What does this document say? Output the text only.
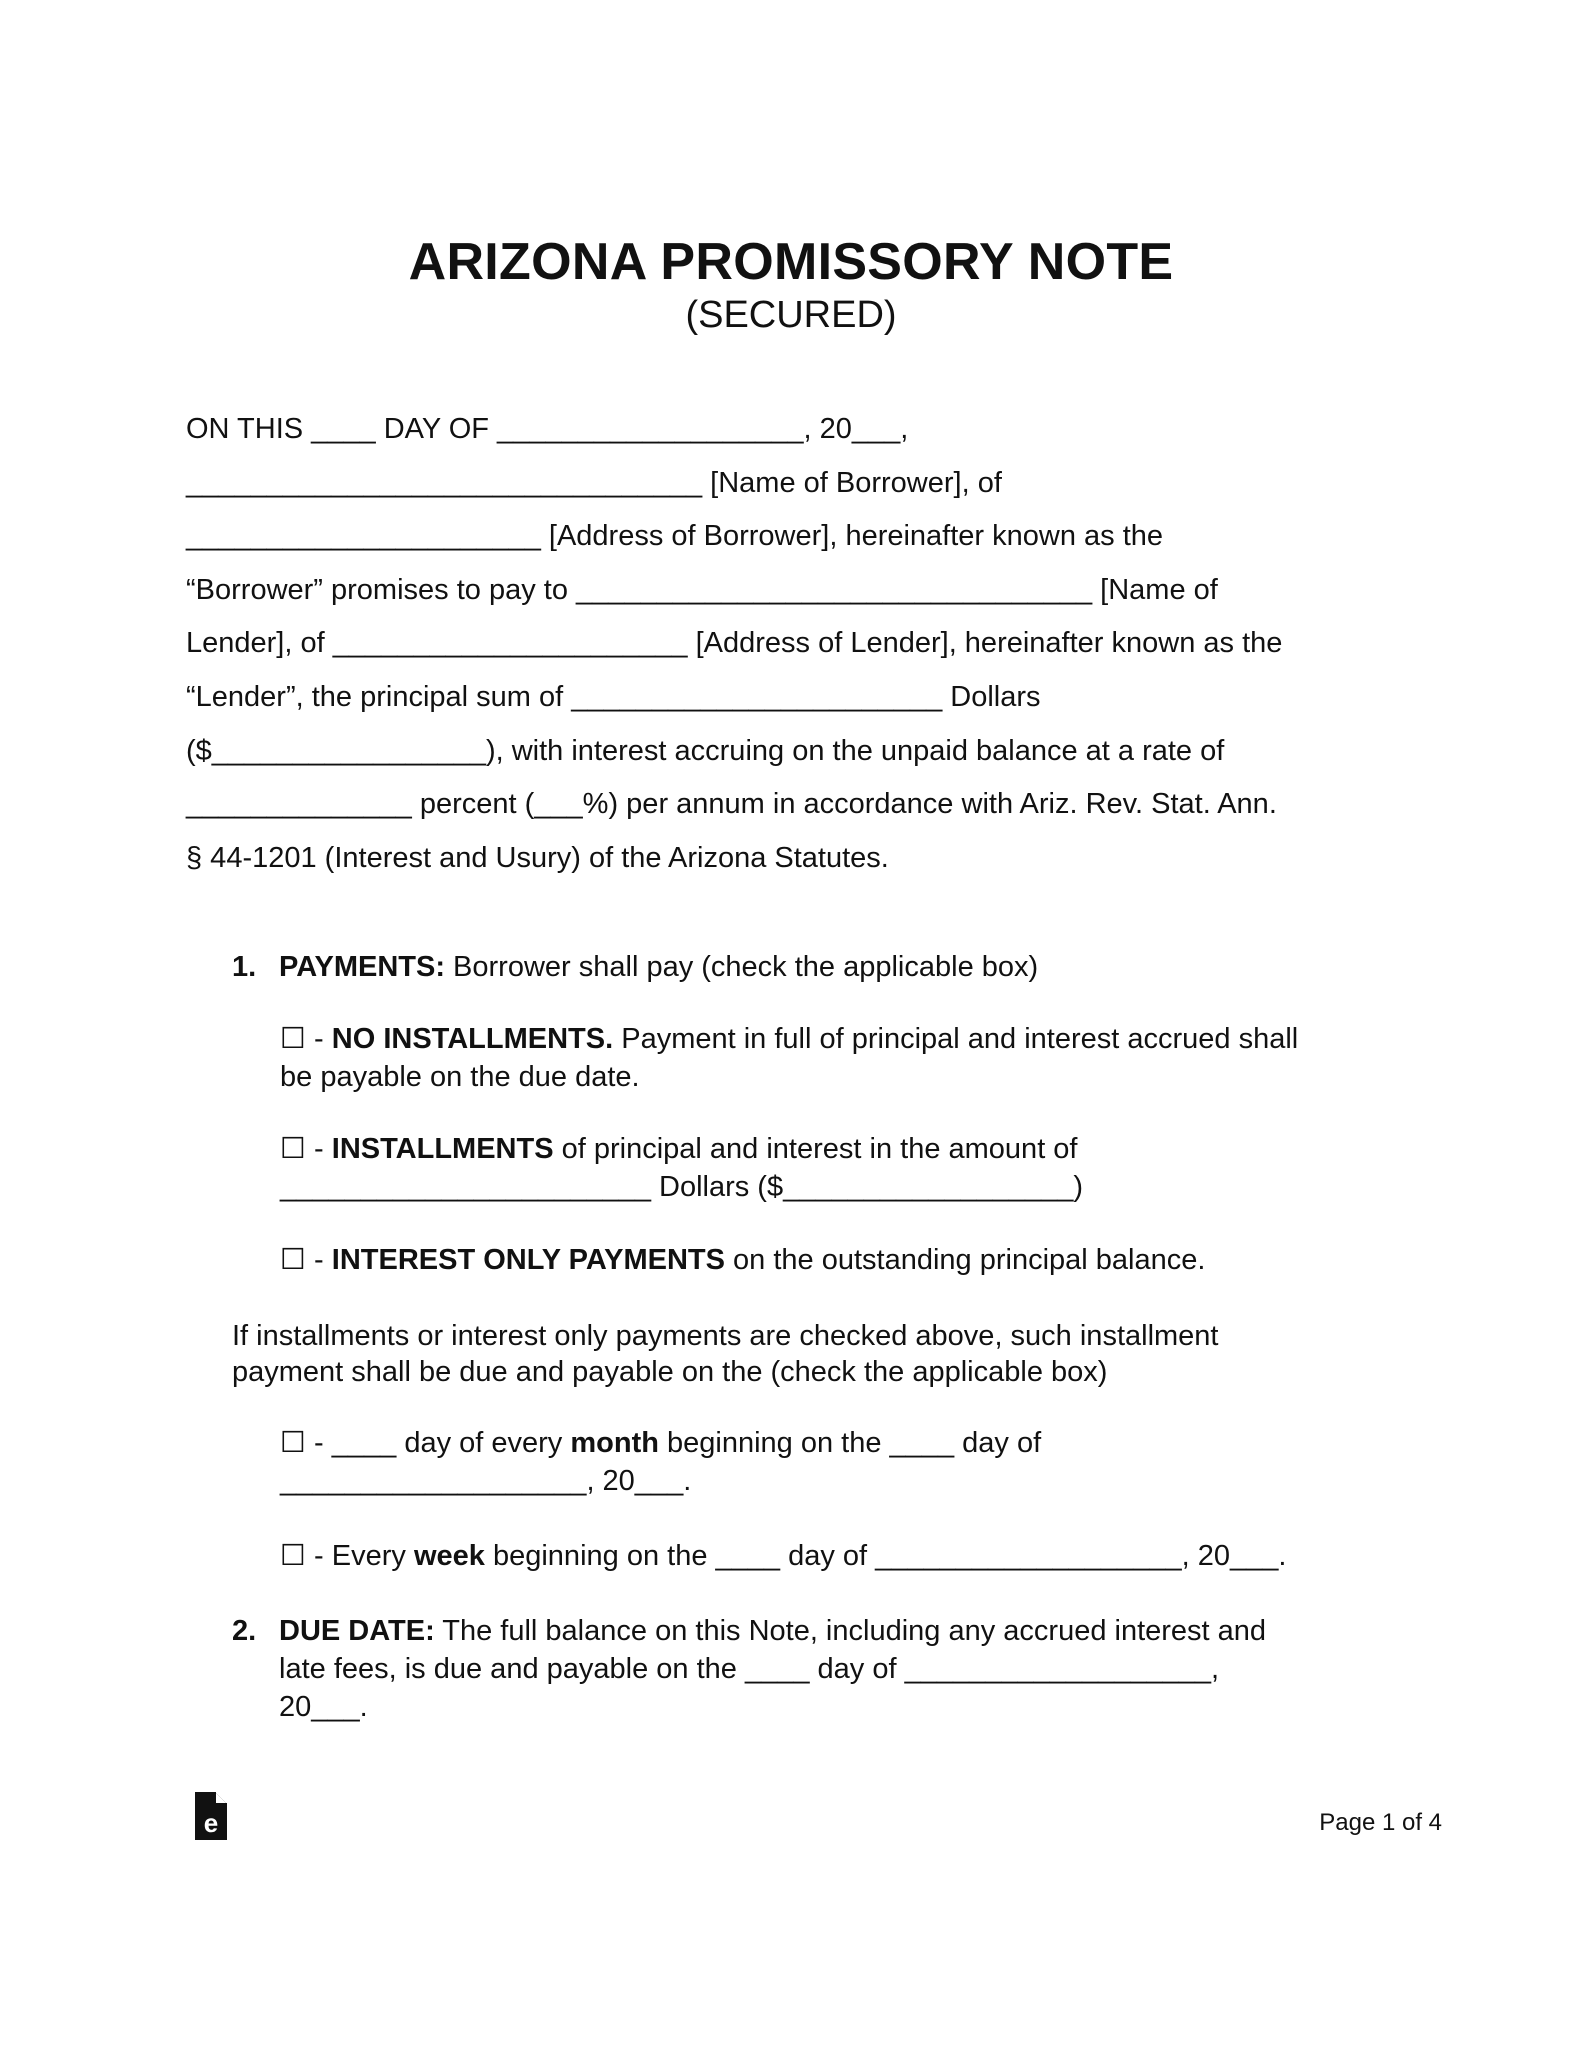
ARIZONA PROMISSORY NOTE
(SECURED)
ON THIS ____ DAY OF ___________________, 20___,
________________________________ [Name of Borrower], of
______________________ [Address of Borrower], hereinafter known as the
“Borrower” promises to pay to ________________________________ [Name of
Lender], of ______________________ [Address of Lender], hereinafter known as the
“Lender”, the principal sum of _______________________ Dollars
($_________________), with interest accruing on the unpaid balance at a rate of
______________ percent (___%) per annum in accordance with Ariz. Rev. Stat. Ann.
§ 44-1201 (Interest and Usury) of the Arizona Statutes.
1. PAYMENTS: Borrower shall pay (check the applicable box)
☐ - NO INSTALLMENTS. Payment in full of principal and interest accrued shall
be payable on the due date.
☐ - INSTALLMENTS of principal and interest in the amount of
_______________________ Dollars ($__________________)
☐ - INTEREST ONLY PAYMENTS on the outstanding principal balance.
If installments or interest only payments are checked above, such installment
payment shall be due and payable on the (check the applicable box)
☐ - ____ day of every month beginning on the ____ day of
___________________, 20___.
☐ - Every week beginning on the ____ day of ___________________, 20___.
2. DUE DATE: The full balance on this Note, including any accrued interest and
late fees, is due and payable on the ____ day of ___________________,
20___.
e	Page 1 of 4
